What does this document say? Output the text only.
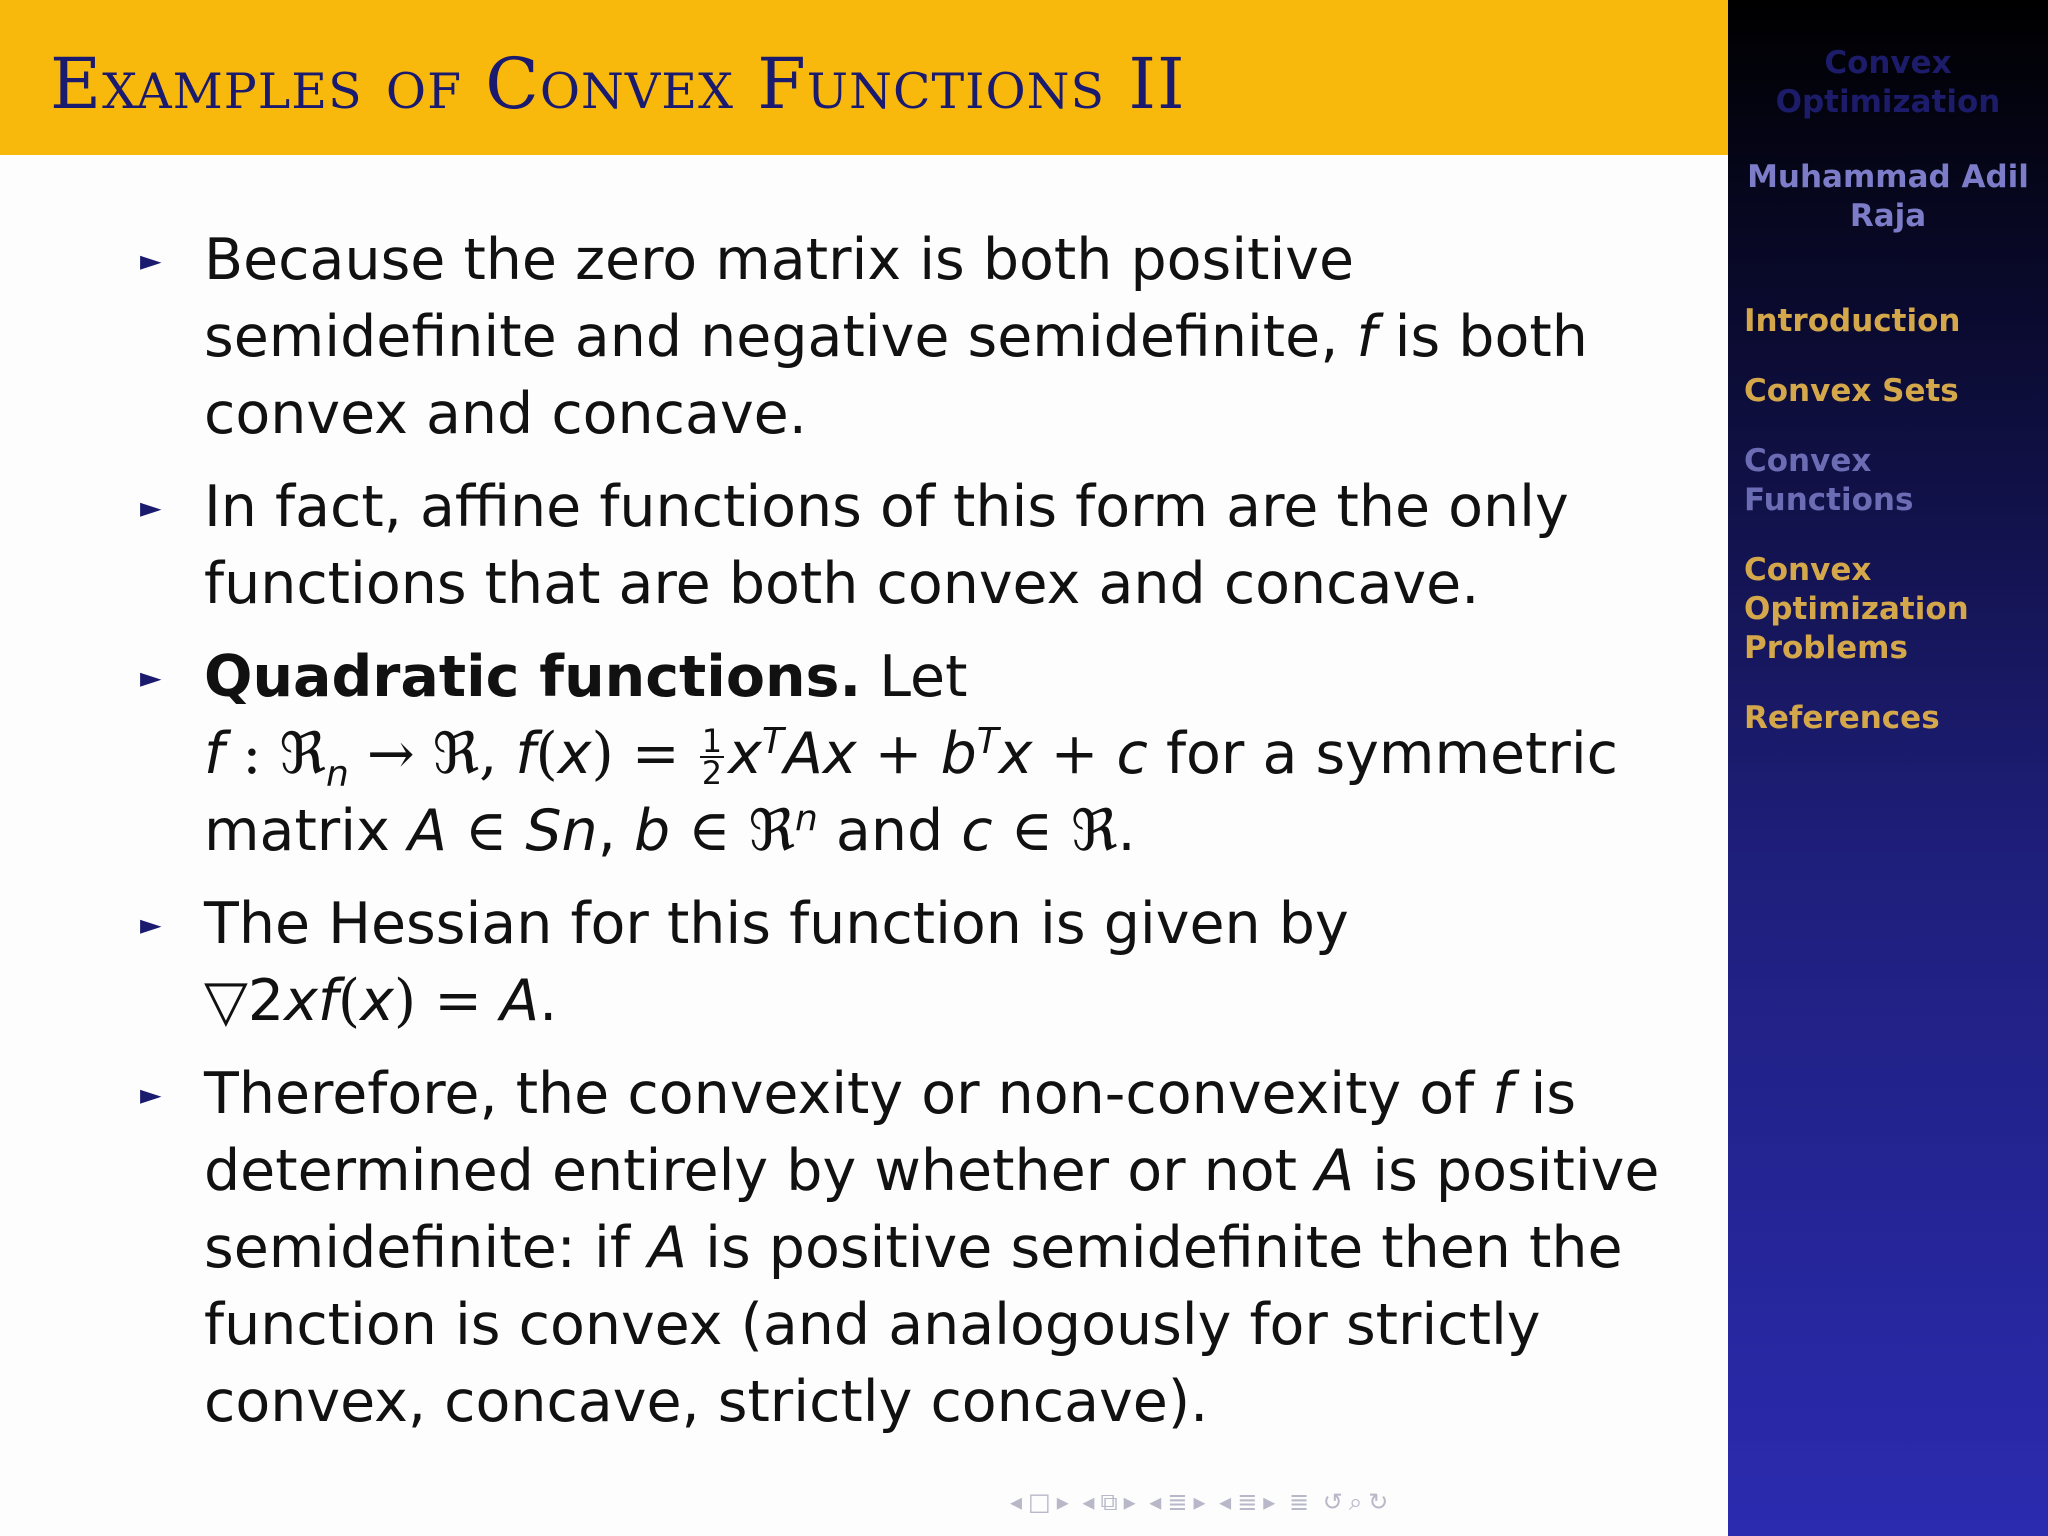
Examples of Convex Functions II
► Because the zero matrix is both positive semidefinite and negative semidefinite, f is both convex and concave.
► In fact, affine functions of this form are the only functions that are both convex and concave.
► Quadratic functions. Let
f : ℜ$_n$ → ℜ, $f(x) = \frac{1}{2} x^TAx + b^Tx + c$ for a symmetric matrix A ∈ Sn, b ∈ ℜ$^n$ and c ∈ ℜ.
► The Hessian for this function is given by
▽2xf(x) = A.
► Therefore, the convexity or non-convexity of f is determined entirely by whether or not A is positive semidefinite: if A is positive semidefinite then the function is convex (and analogously for strictly convex, concave, strictly concave).
◂ □ ▸ ◂ ⧉ ▸ ◂ ≣ ▸ ◂ ≣ ▸ ≣ ↺ ⌕ ↻
Convex Optimization
Muhammad Adil Raja
Introduction
Convex Sets
Convex Functions
Convex Optimization Problems
References
